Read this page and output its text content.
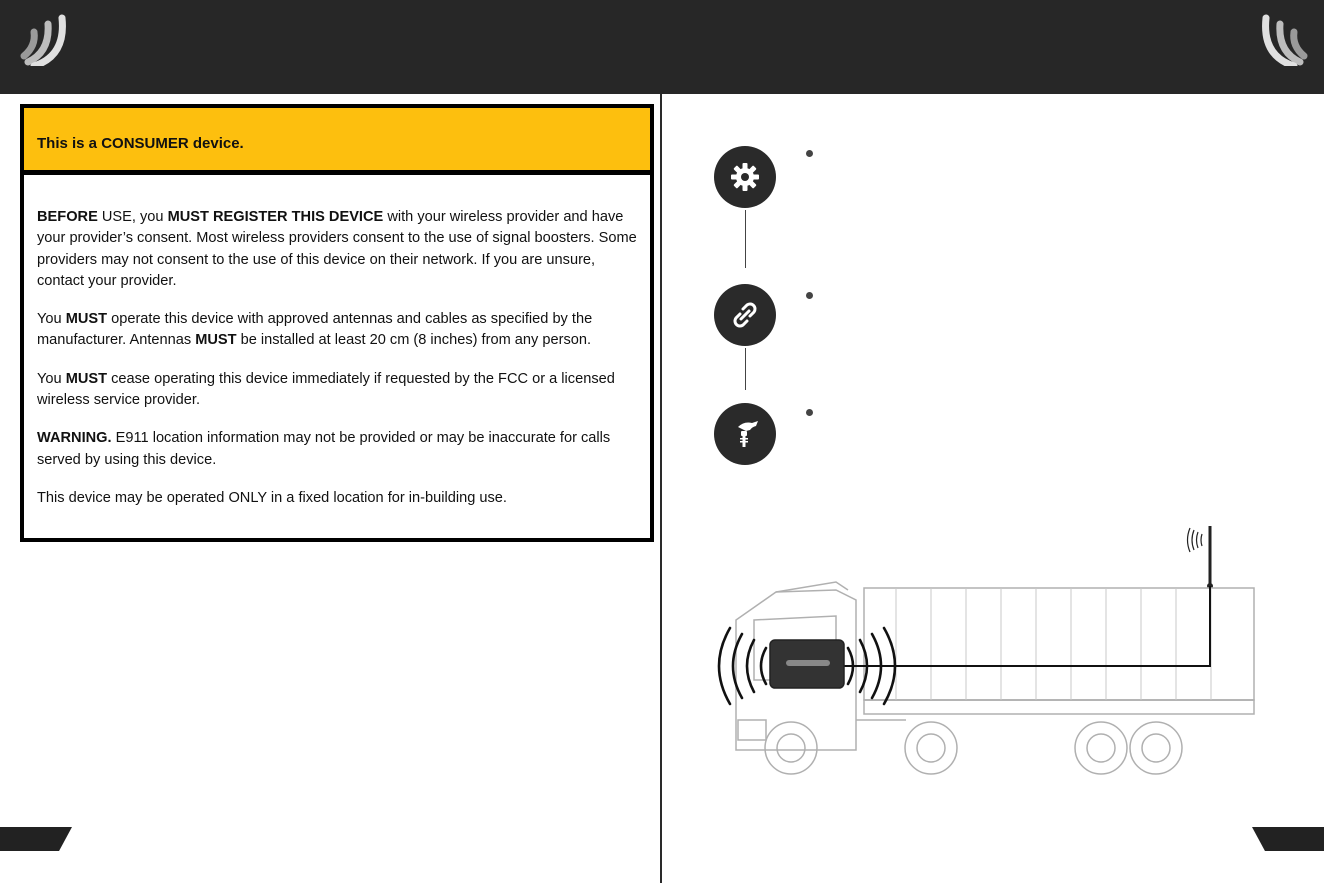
This is a CONSUMER device.

BEFORE USE, you MUST REGISTER THIS DEVICE with your wireless provider and have your provider’s consent. Most wireless providers consent to the use of signal boosters. Some providers may not consent to the use of this device on their network. If you are unsure, contact your provider.

You MUST operate this device with approved antennas and cables as specified by the manufacturer. Antennas MUST be installed at least 20 cm (8 inches) from any person.

You MUST cease operating this device immediately if requested by the FCC or a licensed wireless service provider.

WARNING. E911 location information may not be provided or may be inaccurate for calls served by using this device.

This device may be operated ONLY in a fixed location for in-building use.
